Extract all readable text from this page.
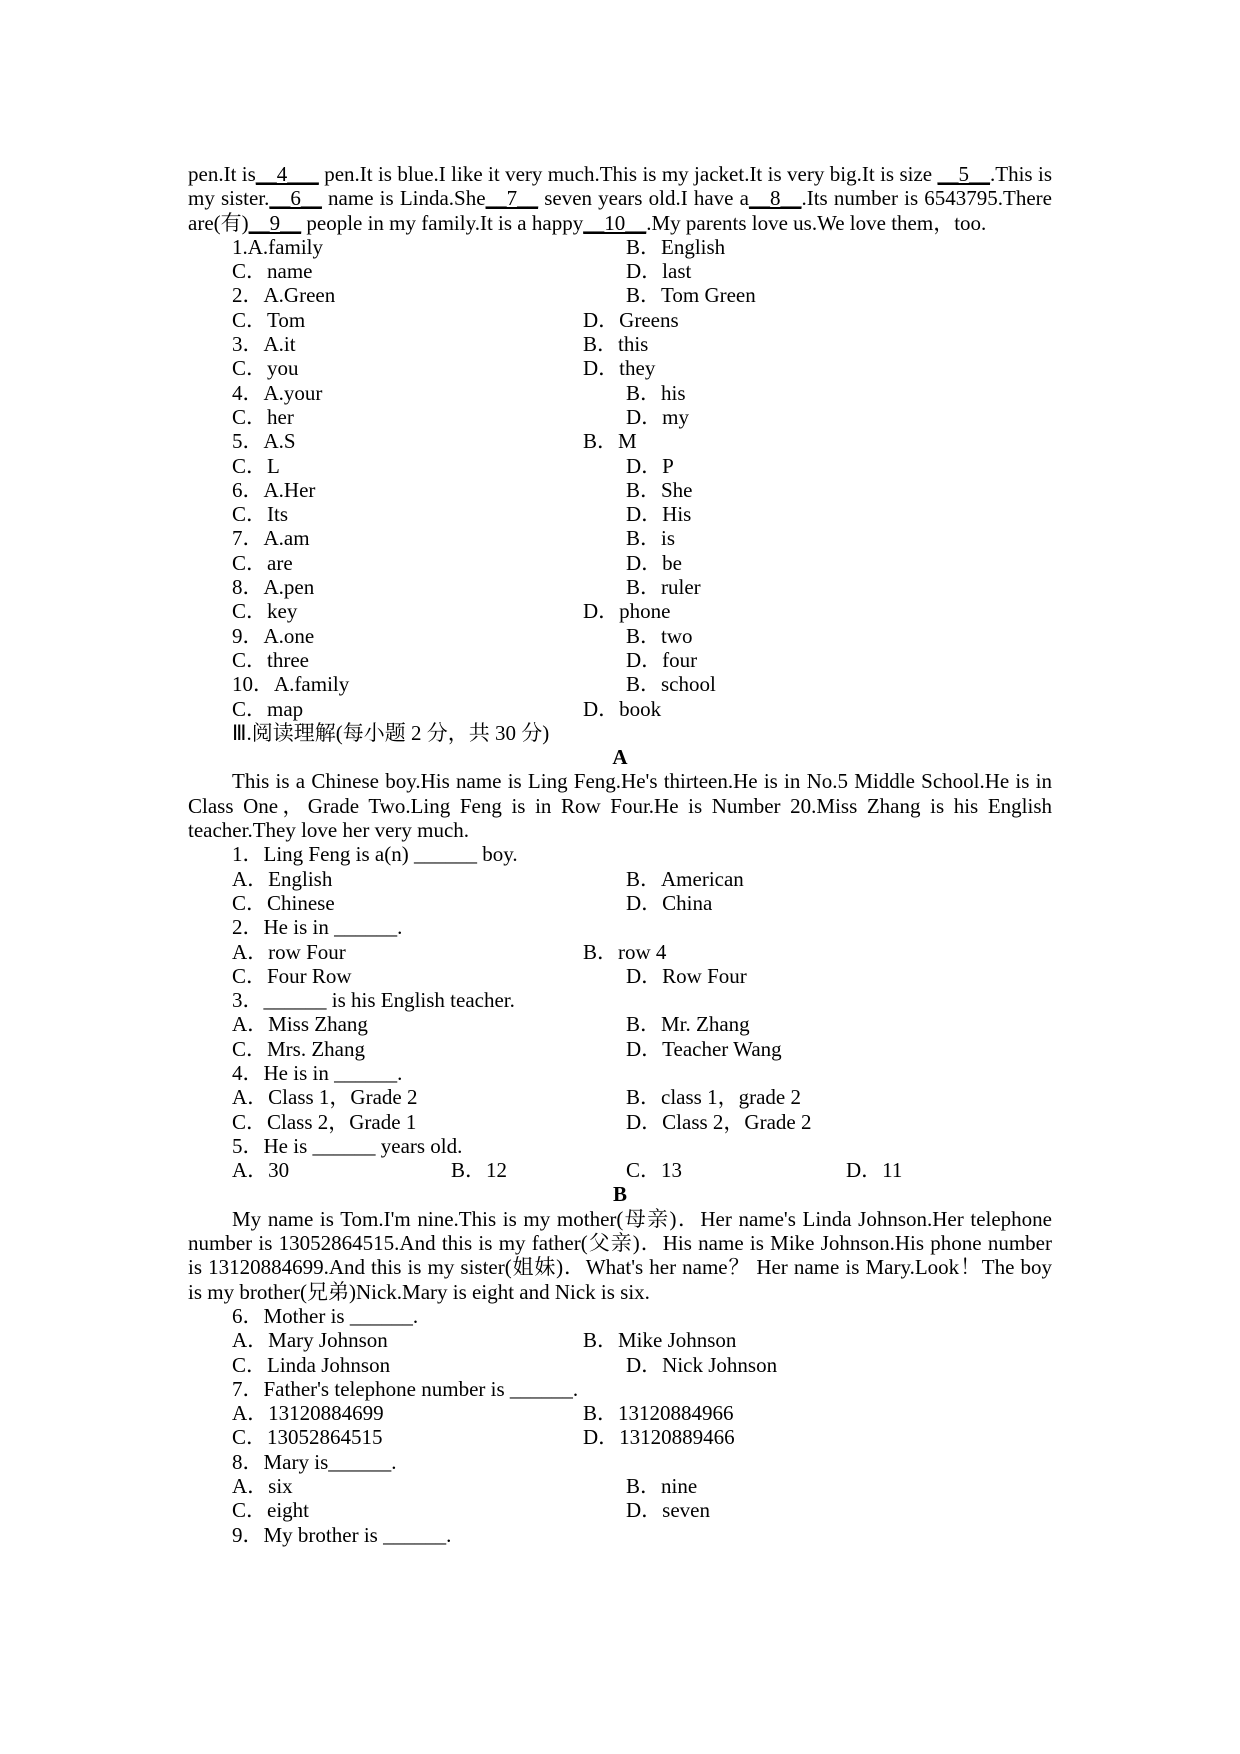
pen.It is__4___ pen.It is blue.I like it very much.This is my jacket.It is very big.It is size __5__.This is my sister.__6__ name is Linda.She__7__ seven years old.I have a__8__.Its number is 6543795.There are(有)__9__ people in my family.It is a happy__10__.My parents love us.We love them，too.

1.A.family	B．English
C．name	D．last
2．A.Green	B．Tom Green
C．Tom	D．Greens
3．A.it	B．this
C．you	D．they
4．A.your	B．his
C．her	D．my
5．A.S	B．M
C．L	D．P
6．A.Her	B．She
C．Its	D．His
7．A.am	B．is
C．are	D．be
8．A.pen	B．ruler
C．key	D．phone
9．A.one	B．two
C．three	D．four
10．A.family	B．school
C．map	D．book
Ⅲ.阅读理解(每小题 2 分，共 30 分)
A

This is a Chinese boy.His name is Ling Feng.He's thirteen.He is in No.5 Middle School.He is in Class One，Grade Two.Ling Feng is in Row Four.He is Number 20.Miss Zhang is his English teacher.They love her very much.

1．Ling Feng is a(n) ______ boy.
A．English	B．American
C．Chinese	D．China
2．He is in ______.
A．row Four	B．row 4
C．Four Row	D．Row Four
3．______ is his English teacher.
A．Miss Zhang	B．Mr. Zhang
C．Mrs. Zhang	D．Teacher Wang
4．He is in ______.
A．Class 1，Grade 2	B．class 1，grade 2
C．Class 2，Grade 1	D．Class 2，Grade 2
5．He is ______ years old.
A．30	B．12	C．13	D．11
B

My name is Tom.I'm nine.This is my mother(母亲)．Her name's Linda Johnson.Her telephone number is 13052864515.And this is my father(父亲)．His name is Mike Johnson.His phone number is 13120884699.And this is my sister(姐妹)．What's her name？ Her name is Mary.Look！The boy is my brother(兄弟)Nick.Mary is eight and Nick is six.

6．Mother is ______.
A．Mary Johnson	B．Mike Johnson
C．Linda Johnson	D．Nick Johnson
7．Father's telephone number is ______.
A．13120884699	B．13120884966
C．13052864515	D．13120889466
8．Mary is______.
A．six	B．nine
C．eight	D．seven
9．My brother is ______.
